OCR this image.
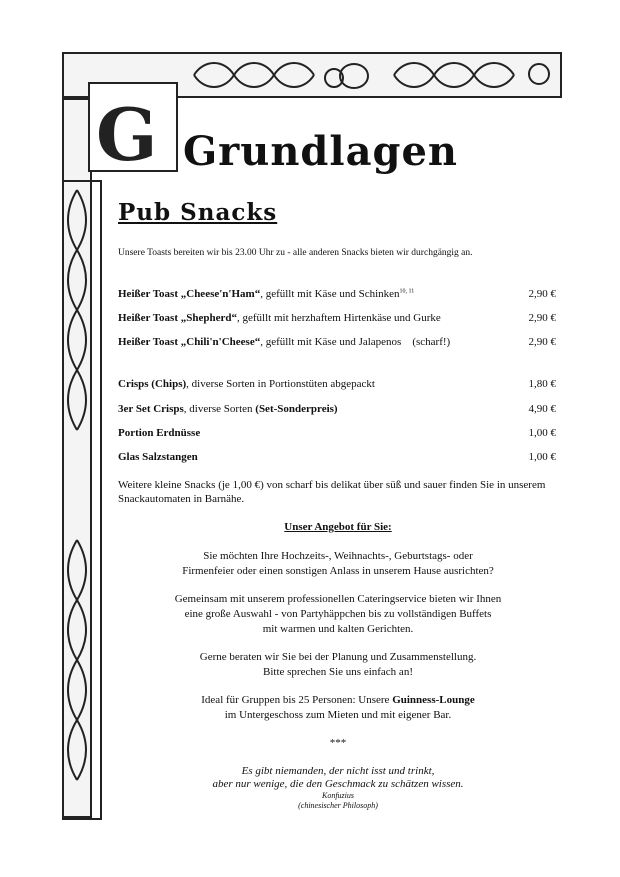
G Grundlagen
Pub Snacks
Unsere Toasts bereiten wir bis 23.00 Uhr zu - alle anderen Snacks bieten wir durchgängig an.
Heißer Toast „Cheese'n'Ham“, gefüllt mit Käse und Schinken$^{10, 11}$	2,90 €
Heißer Toast „Shepherd“, gefüllt mit herzhaftem Hirtenkäse und Gurke	2,90 €
Heißer Toast „Chili'n'Cheese“, gefüllt mit Käse und Jalapenos    (scharf!)	2,90 €
Crisps (Chips), diverse Sorten in Portionstüten abgepackt	1,80 €
3er Set Crisps, diverse Sorten (Set-Sonderpreis)	4,90 €
Portion Erdnüsse	1,00 €
Glas Salzstangen	1,00 €
Weitere kleine Snacks (je 1,00 €) von scharf bis delikat über süß und sauer finden Sie in unserem Snackautomaten in Barnähe.
Unser Angebot für Sie:

Sie möchten Ihre Hochzeits-, Weihnachts-, Geburtstags- oder
Firmenfeier oder einen sonstigen Anlass in unserem Hause ausrichten?

Gemeinsam mit unserem professionellen Cateringservice bieten wir Ihnen
eine große Auswahl - von Partyhäppchen bis zu vollständigen Buffets
mit warmen und kalten Gerichten.

Gerne beraten wir Sie bei der Planung und Zusammenstellung.
Bitte sprechen Sie uns einfach an!

Ideal für Gruppen bis 25 Personen: Unsere Guinness-Lounge
im Untergeschoss zum Mieten und mit eigener Bar.

***
Es gibt niemanden, der nicht isst und trinkt,
aber nur wenige, die den Geschmack zu schätzen wissen.
Konfuzius
(chinesischer Philosoph)
